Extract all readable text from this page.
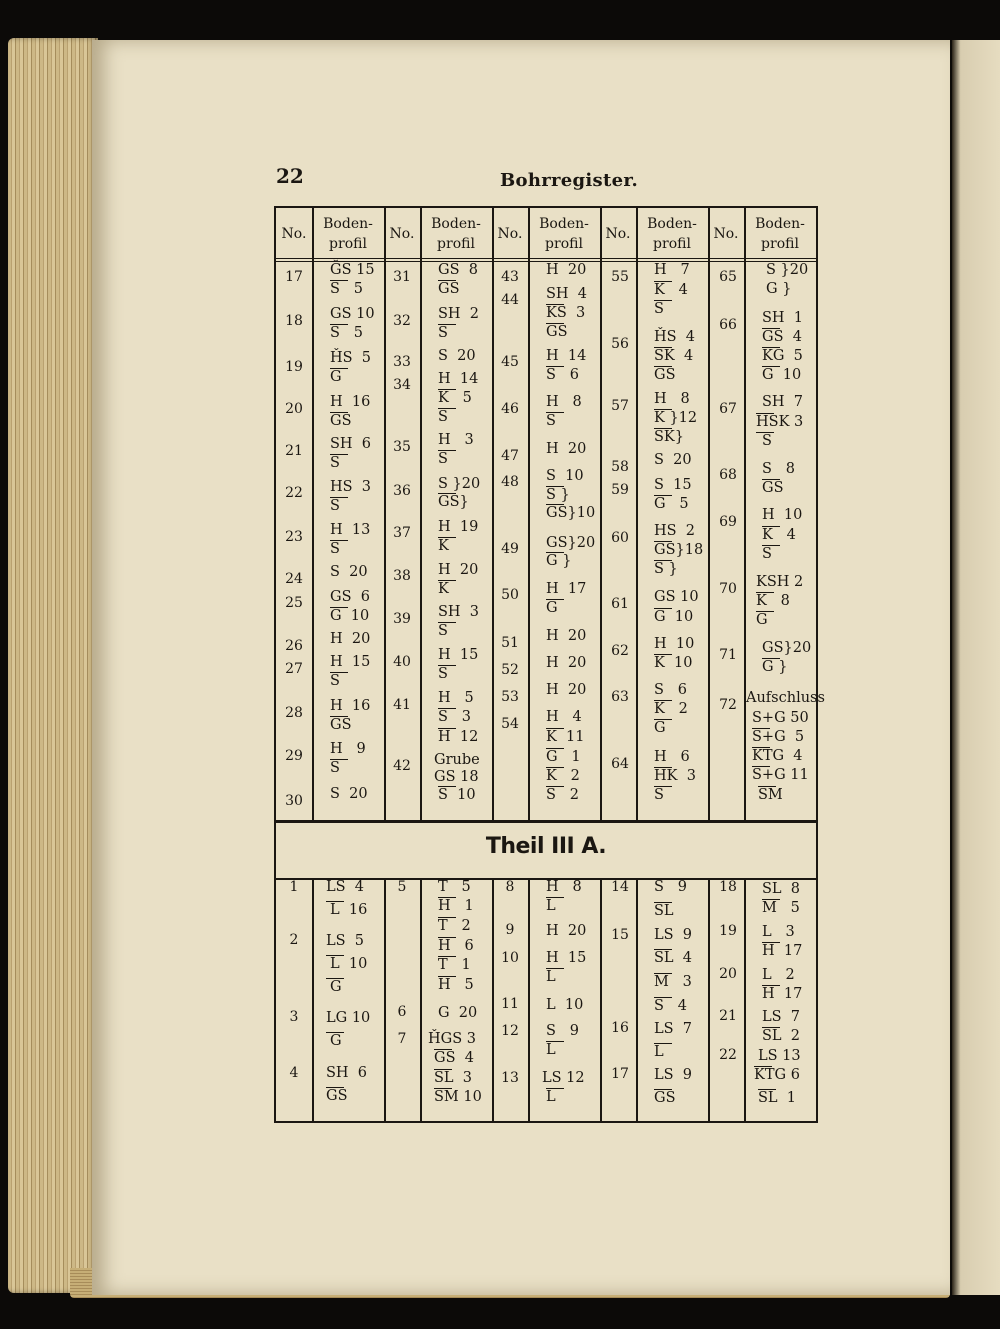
22	Bohrregister.
No.
Boden-
profil
No.
Boden-
profil
No.
Boden-
profil
No.
Boden-
profil
No.
Boden-
profil
Theil III A.
17
18
19
20
21
22
23
24
25
26
27
28
29
30
31
32
33
34
35
36
37
38
39
40
41
42
43
44
45
46
47
48
49
50
51
52
53
54
55
56
57
58
59
60
61
62
63
64
65
66
67
68
69
70
71
72
ĞS 15
S   5
GS 10
S   5
ȞS  5
G
H  16
GS
SH  6
S
HS  3
S
H  13
S
S  20
GS  6
G  10
H  20
H  15
S
H  16
GS
H   9
S
S  20
GS  8
GS
SH  2
S
S  20
H  14
K   5
S
H   3
S
S }20
GS}
H  19
K
H  20
K
SH  3
S
H  15
S
H   5
S   3
H  12
Grube
GS 18
S  10
H  20
SH  4
KS  3
GS
H  14
S   6
H   8
S
H  20
S  10
S }
GS}10
GS}20
G }
H  17
G
H  20
H  20
H  20
H   4
K  11
G   1
K   2
S   2
H   7
K   4
S
ȞS  4
SK  4
GS
H   8
K }12
SK}
S  20
S  15
G   5
HS  2
GS}18
S }
GS 10
G  10
H  10
K  10
S   6
K   2
G
H   6
HK  3
S
S }20
G }
SH  1
GS  4
KG  5
G  10
SH  7
HSK 3
S
S   8
GS
H  10
K   4
S
KSH 2
K   8
G
GS}20
G }
Aufschluss
S+G 50
S+G  5
KTG  4
S+G 11
SM
1
2
3
4
5
6
7
8
9
10
11
12
13
14
15
16
17
18
19
20
21
22
LS  4
L  16
LS  5
L  10
G
LG 10
G
SH  6
GS
T   5
H   1
T   2
H   6
T   1
H   5
G  20
ȞGS 3
GS  4
SL  3
SM 10
H   8
L
H  20
H  15
L
L  10
S   9
L
LS 12
L
S   9
SL
LS  9
SL  4
M   3
S   4
LS  7
L
LS  9
GS
SL  8
M   5
L   3
H  17
L   2
H  17
LS  7
SL  2
LS 13
KTG 6
SL  1
